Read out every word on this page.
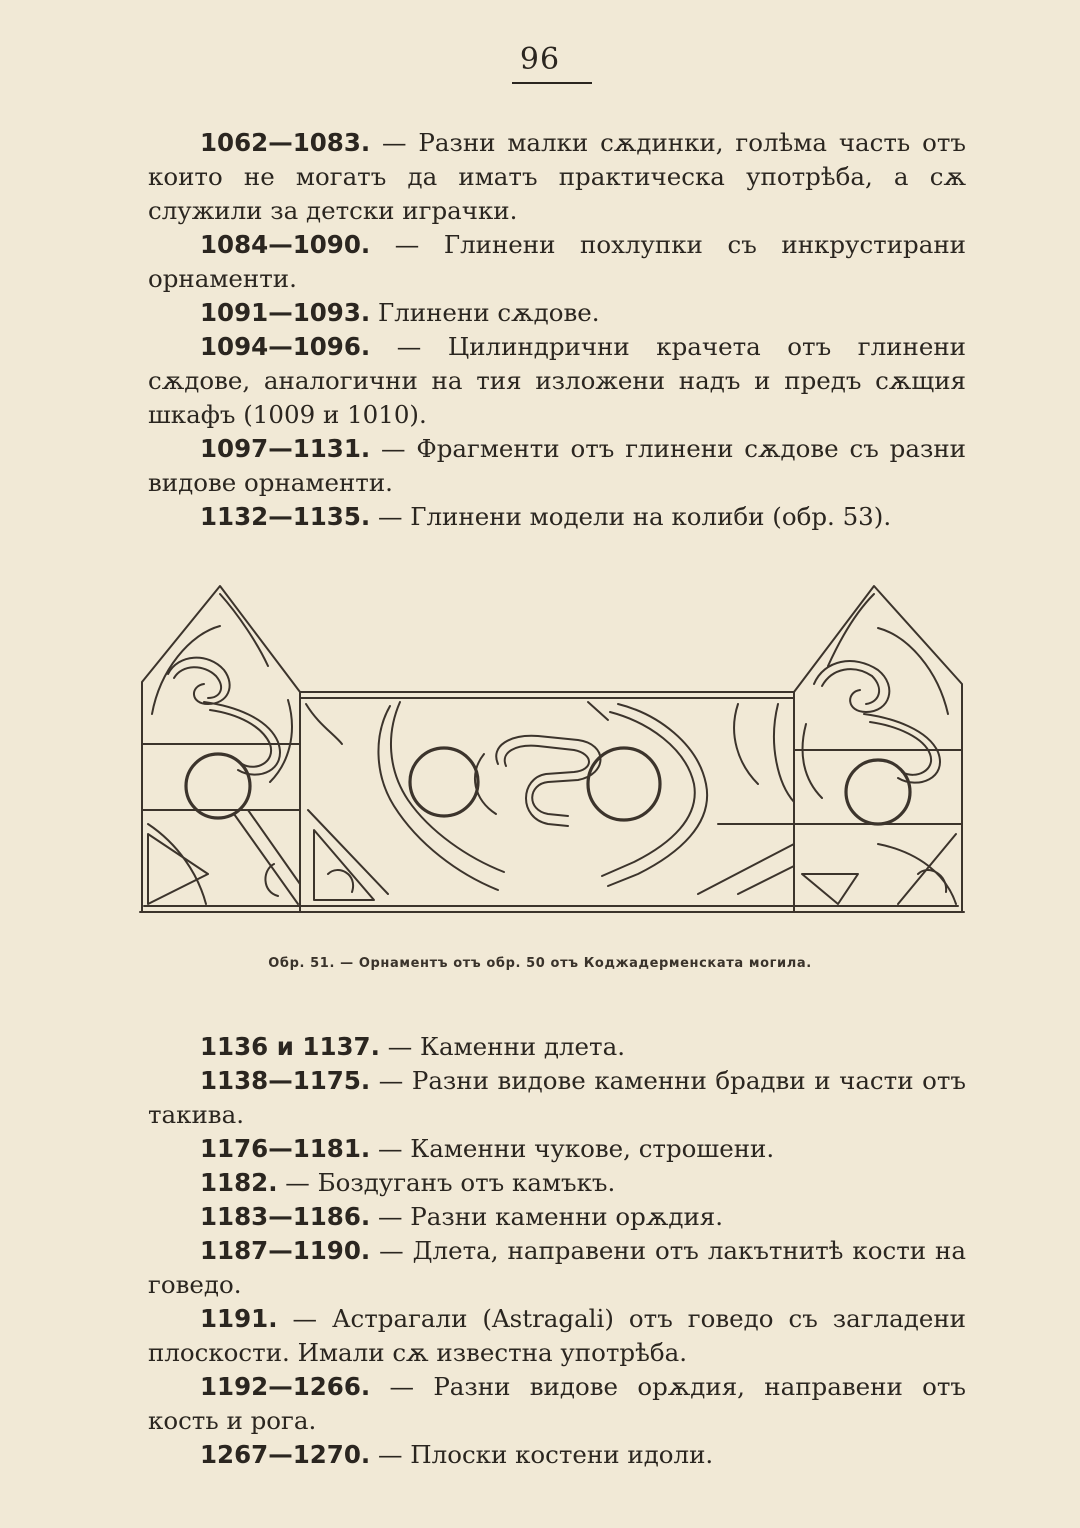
96

1062—1083. — Разни малки сѫдинки, голѣма часть отъ които не могатъ да иматъ практическа употрѣба, а сѫ служили за детски играчки.

1084—1090. — Глинени похлупки съ инкрустирани орнаменти.

1091—1093. Глинени сѫдове.

1094—1096. — Цилиндрични крачета отъ глинени сѫдове, аналогични на тия изложени надъ и предъ сѫщия шкафъ (1009 и 1010).

1097—1131. — Фрагменти отъ глинени сѫдове съ разни видове орнаменти.

1132—1135. — Глинени модели на колиби (обр. 53).

Обр. 51. — Орнаментъ отъ обр. 50 отъ Коджадерменската могила.

1136 и 1137. — Каменни длета.

1138—1175. — Разни видове каменни брадви и части отъ такива.

1176—1181. — Каменни чукове, строшени.

1182. — Боздуганъ отъ камъкъ.

1183—1186. — Разни каменни орѫдия.

1187—1190. — Длета, направени отъ лакътнитѣ кости на говедо.

1191. — Астрагали (Astragali) отъ говедо съ загладени плоскости. Имали сѫ известна употрѣба.

1192—1266. — Разни видове орѫдия, направени отъ кость и рога.

1267—1270. — Плоски костени идоли.
